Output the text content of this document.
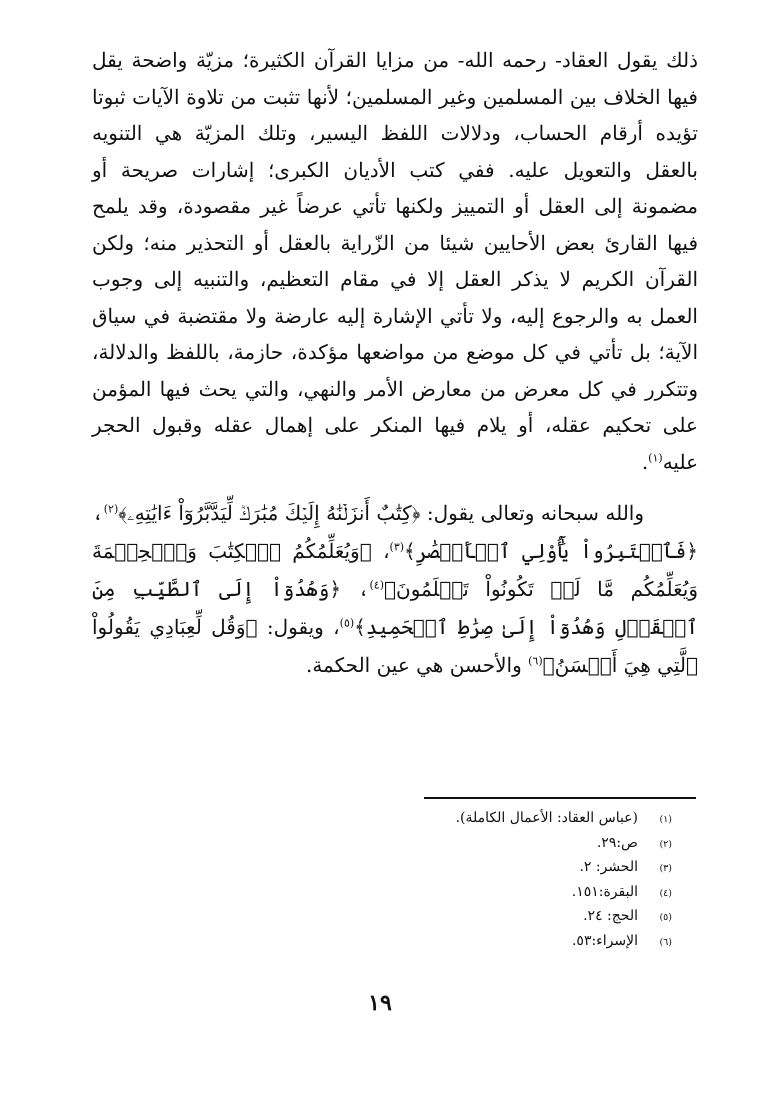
ذلك يقول العقاد- رحمه الله- من مزايا القرآن الكثيرة؛ مزيّة واضحة يقل فيها الخلاف بين المسلمين وغير المسلمين؛ لأنها تثبت من تلاوة الآيات ثبوتا تؤيده أرقام الحساب، ودلالات اللفظ اليسير، وتلك المزيّة هي التنويه بالعقل والتعويل عليه. ففي كتب الأديان الكبرى؛ إشارات صريحة أو مضمونة إلى العقل أو التمييز ولكنها تأتي عرضاً غير مقصودة، وقد يلمح فيها القارئ بعض الأحايين شيئا من الزّراية بالعقل أو التحذير منه؛ ولكن القرآن الكريم لا يذكر العقل إلا في مقام التعظيم، والتنبيه إلى وجوب العمل به والرجوع إليه، ولا تأتي الإشارة إليه عارضة ولا مقتضبة في سياق الآية؛ بل تأتي في كل موضع من مواضعها مؤكدة، حازمة، باللفظ والدلالة، وتتكرر في كل معرض من معارض الأمر والنهي، والتي يحث فيها المؤمن على تحكيم عقله، أو يلام فيها المنكر على إهمال عقله وقبول الحجر عليه$^{(١)}$.

والله سبحانه وتعالى يقول: ﴿كِتَٰبٌ أَنزَلۡنَٰهُ إِلَيۡكَ مُبَٰرَكٞ لِّيَدَّبَّرُوٓاْ ءَايَٰتِهِۦ﴾$^{(٢)}$، ﴿فَٱعۡتَبِرُواْ يَٰٓأُوْلِي ٱلۡأَبۡصَٰرِ﴾$^{(٣)}$، ﴿وَيُعَلِّمُكُمُ ٱلۡكِتَٰبَ وَٱلۡحِكۡمَةَ وَيُعَلِّمُكُم مَّا لَمۡ تَكُونُواْ تَعۡلَمُونَ﴾$^{(٤)}$، ﴿وَهُدُوٓاْ إِلَى ٱلطَّيِّبِ مِنَ ٱلۡقَوۡلِ وَهُدُوٓاْ إِلَىٰ صِرَٰطِ ٱلۡحَمِيدِ﴾$^{(٥)}$، ويقول: ﴿وَقُل لِّعِبَادِي يَقُولُواْ ٱلَّتِي هِيَ أَحۡسَنُ﴾$^{(٦)}$ والأحسن هي عين الحكمة.

(١)
(عباس العقاد: الأعمال الكاملة).
(٢)
ص:٢٩.
(٣)
الحشر: ٢.
(٤)
البقرة:١٥١.
(٥)
الحج: ٢٤.
(٦)
الإسراء:٥٣.
١٩
